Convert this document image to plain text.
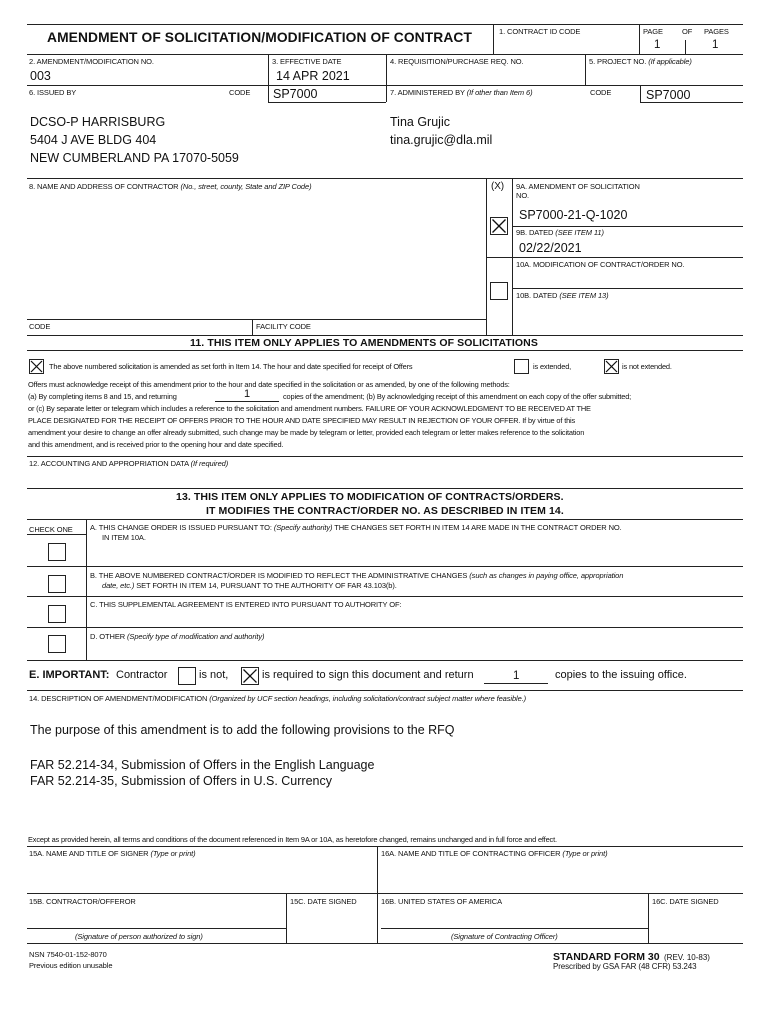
AMENDMENT OF SOLICITATION/MODIFICATION OF CONTRACT	1. CONTRACT ID CODE	PAGE	OF PAGES
1	1
2. AMENDMENT/MODIFICATION NO.
003
3. EFFECTIVE DATE
14 APR 2021
4. REQUISITION/PURCHASE REQ. NO.	5. PROJECT NO. (If applicable)
6. ISSUED BY	CODE SP7000	7. ADMINISTERED BY (If other than Item 6)	CODE	SP7000
DCSO-P HARRISBURG
5404 J AVE BLDG 404
NEW CUMBERLAND PA 17070-5059
Tina Grujic
tina.grujic@dla.mil
8. NAME AND ADDRESS OF CONTRACTOR (No., street, county, State and ZIP Code)	(X) 9A. AMENDMENT OF SOLICITATION
NO.
SP7000-21-Q-1020
9B. DATED (SEE ITEM 11)
02/22/2021
10A. MODIFICATION OF CONTRACT/ORDER NO.
10B. DATED (SEE ITEM 13)
CODE	FACILITY CODE
11. THIS ITEM ONLY APPLIES TO AMENDMENTS OF SOLICITATIONS
The above numbered solicitation is amended as set forth in Item 14. The hour and date specified for receipt of Offers	is extended,	is not extended.
Offers must acknowledge receipt of this amendment prior to the hour and date specified in the solicitation or as amended, by one of the following methods:
(a) By completing items 8 and 15, and returning	1	copies of the amendment; (b) By acknowledging receipt of this amendment on each copy of the offer submitted;
or (c) By separate letter or telegram which includes a reference to the solicitation and amendment numbers. FAILURE OF YOUR ACKNOWLEDGMENT TO BE RECEIVED AT THE
PLACE DESIGNATED FOR THE RECEIPT OF OFFERS PRIOR TO THE HOUR AND DATE SPECIFIED MAY RESULT IN REJECTION OF YOUR OFFER. If by virtue of this
amendment your desire to change an offer already submitted, such change may be made by telegram or letter, provided each telegram or letter makes reference to the solicitation
and this amendment, and is received prior to the opening hour and date specified.
12. ACCOUNTING AND APPROPRIATION DATA (If required)
13. THIS ITEM ONLY APPLIES TO MODIFICATION OF CONTRACTS/ORDERS.
IT MODIFIES THE CONTRACT/ORDER NO. AS DESCRIBED IN ITEM 14.
CHECK ONE A. THIS CHANGE ORDER IS ISSUED PURSUANT TO: (Specify authority) THE CHANGES SET FORTH IN ITEM 14 ARE MADE IN THE CONTRACT ORDER NO.
IN ITEM 10A.
B. THE ABOVE NUMBERED CONTRACT/ORDER IS MODIFIED TO REFLECT THE ADMINISTRATIVE CHANGES (such as changes in paying office, appropriation
date, etc.) SET FORTH IN ITEM 14, PURSUANT TO THE AUTHORITY OF FAR 43.103(b).
C. THIS SUPPLEMENTAL AGREEMENT IS ENTERED INTO PURSUANT TO AUTHORITY OF:
D. OTHER (Specify type of modification and authority)
E. IMPORTANT: Contractor	is not,	is required to sign this document and return	1	copies to the issuing office.
14. DESCRIPTION OF AMENDMENT/MODIFICATION (Organized by UCF section headings, including solicitation/contract subject matter where feasible.)
The purpose of this amendment is to add the following provisions to the RFQ
FAR 52.214-34, Submission of Offers in the English Language
FAR 52.214-35, Submission of Offers in U.S. Currency
Except as provided herein, all terms and conditions of the document referenced in Item 9A or 10A, as heretofore changed, remains unchanged and in full force and effect.
15A. NAME AND TITLE OF SIGNER (Type or print)	16A. NAME AND TITLE OF CONTRACTING OFFICER (Type or print)
15B. CONTRACTOR/OFFEROR	15C. DATE SIGNED	16B. UNITED STATES OF AMERICA	16C. DATE SIGNED
(Signature of person authorized to sign)	(Signature of Contracting Officer)
NSN 7540-01-152-8070
Previous edition unusable
STANDARD FORM 30 (REV. 10-83)
Prescribed by GSA FAR (48 CFR) 53.243
